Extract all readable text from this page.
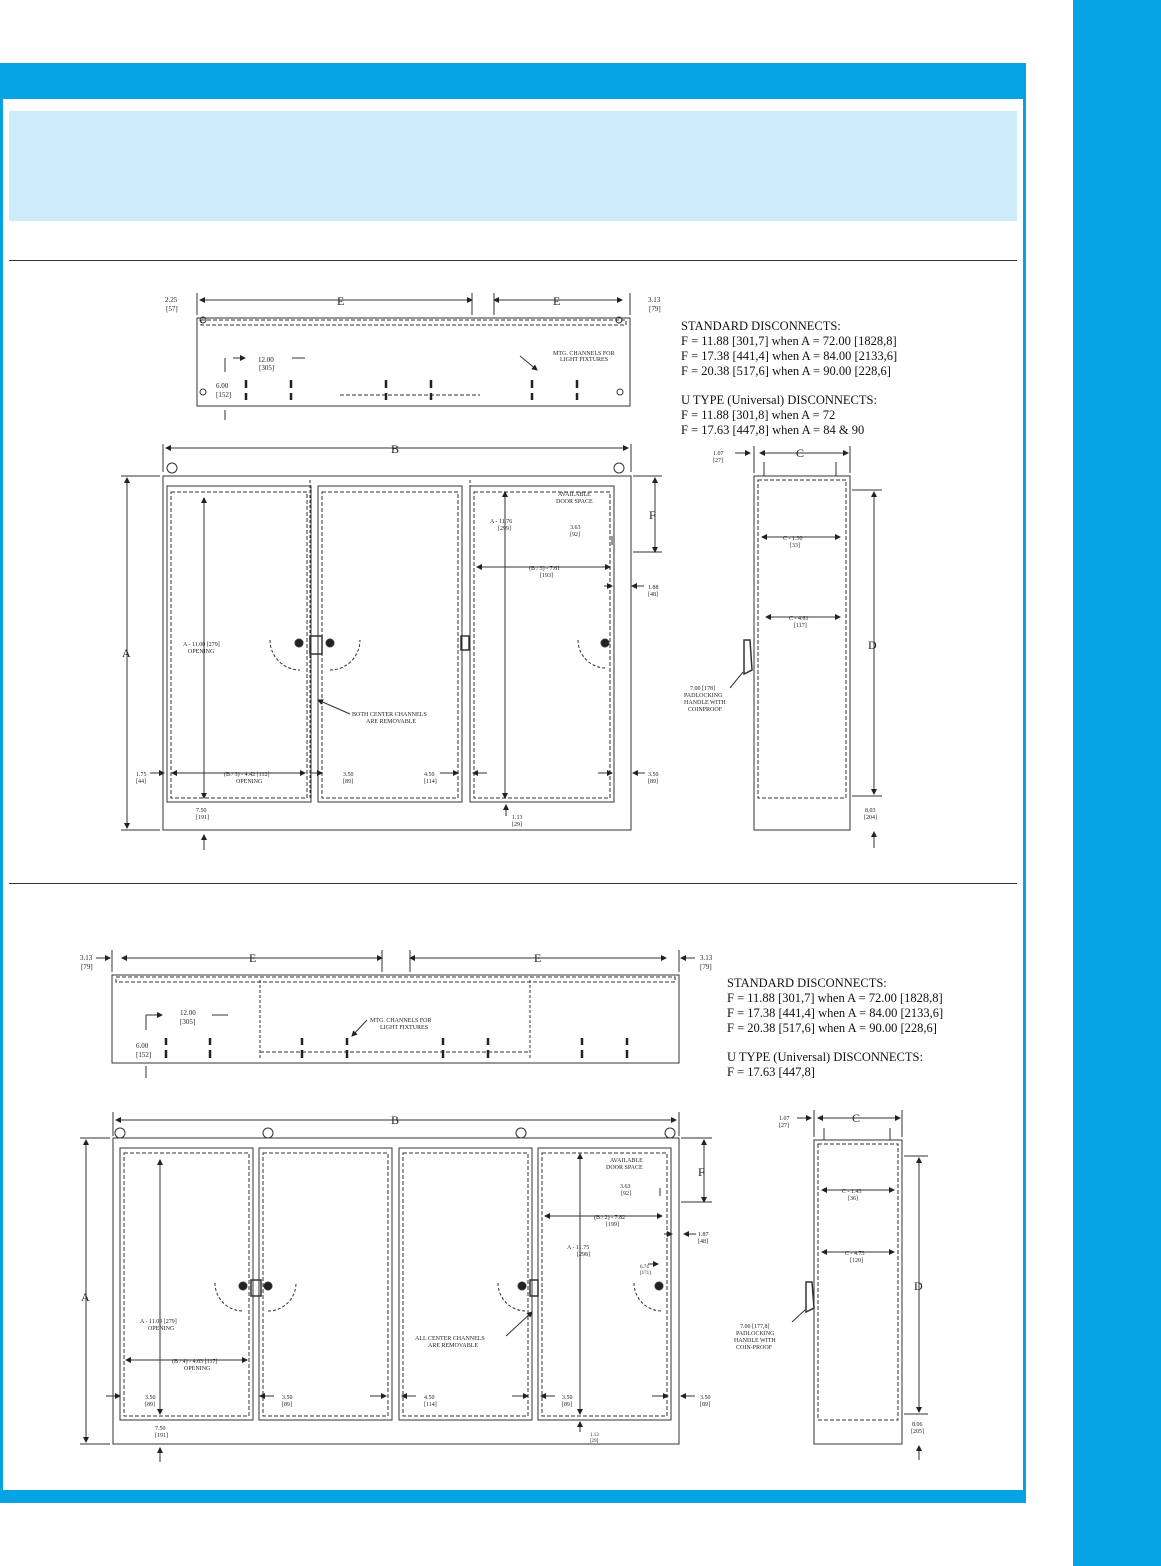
E	E
2.25
[57]
3.13
[79]
12.00
[305]
6.00
[152]
MTG. CHANNELS FOR
LIGHT FIXTURES
B
A
F
AVAILABLE
DOOR SPACE
A - 11.76
[299]	3.63
[92]
(B / 3) - 7.61
[193]
1.88
[48]
A - 11.00 [279]
OPENING
BOTH CENTER CHANNELS
ARE REMOVABLE
1.75
[44]
(B / 3) - 4.42 [112]
OPENING
3.50
[89]
4.50
[114]
3.50
[89]
7.50
[191]	1.13
[29]
C
1.07
[27]
C - 1.30
[33]
C - 4.61
[117]
D
8.03
[204]
7.00 [178]
PADLOCKING
HANDLE WITH
COINPROOF
E	E
3.13
[79]
3.13
[79]
12.00
[305]
6.00
[152]
MTG. CHANNELS FOR
LIGHT FIXTURES
B
A
F
AVAILABLE
DOOR SPACE
3.63
[92]
(B / 2) - 7.82
[199]
1.87
[48]
A - 11.75
[298]
6.74
[171]
A - 11.00 [279]
OPENING
(B / 4) - 4.63 [117]
OPENING
ALL CENTER CHANNELS
ARE REMOVABLE
3.50
[89]
3.50
[89]
4.50
[114]
3.50
[89]
3.50
[89]
7.50
[191]	1.13
[29]
C
1.07
[27]
C - 1.43
[36]
C - 4.73
[120]
D
8.06
[205]
7.00 [177,8]
PADLOCKING
HANDLE WITH
COIN-PROOF
STANDARD DISCONNECTS:
F = 11.88 [301,7] when A = 72.00 [1828,8]
F = 17.38 [441,4] when A = 84.00 [2133,6]
F = 20.38 [517,6] when A = 90.00 [228,6]
U TYPE (Universal) DISCONNECTS:
F = 11.88 [301,8] when A = 72
F = 17.63 [447,8] when A = 84 & 90
STANDARD DISCONNECTS:
F = 11.88 [301,7] when A = 72.00 [1828,8]
F = 17.38 [441,4] when A = 84.00 [2133,6]
F = 20.38 [517,6] when A = 90.00 [228,6]
U TYPE (Universal) DISCONNECTS:
F = 17.63 [447,8]
